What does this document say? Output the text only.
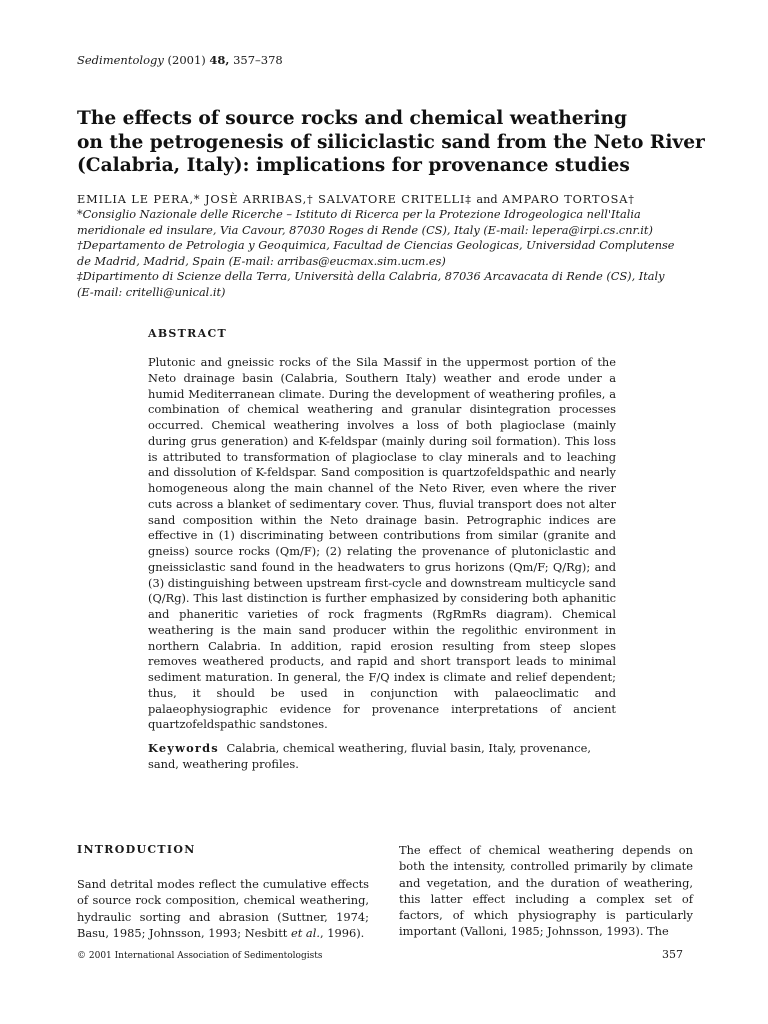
Sedimentology (2001) 48, 357–378
The effects of source rocks and chemical weathering
on the petrogenesis of siliciclastic sand from the Neto River
(Calabria, Italy): implications for provenance studies
EMILIA LE PERA,* JOSÈ ARRIBAS,† SALVATORE CRITELLI‡ and AMPARO TORTOSA†
*Consiglio Nazionale delle Ricerche – Istituto di Ricerca per la Protezione Idrogeologica nell'Italia
meridionale ed insulare, Via Cavour, 87030 Roges di Rende (CS), Italy (E-mail: lepera@irpi.cs.cnr.it)
†Departamento de Petrologia y Geoquimica, Facultad de Ciencias Geologicas, Universidad Complutense
de Madrid, Madrid, Spain (E-mail: arribas@eucmax.sim.ucm.es)
‡Dipartimento di Scienze della Terra, Università della Calabria, 87036 Arcavacata di Rende (CS), Italy
(E-mail: critelli@unical.it)
ABSTRACT

Plutonic and gneissic rocks of the Sila Massif in the uppermost portion of the Neto drainage basin (Calabria, Southern Italy) weather and erode under a humid Mediterranean climate. During the development of weathering profiles, a combination of chemical weathering and granular disintegration processes occurred. Chemical weathering involves a loss of both plagioclase (mainly during grus generation) and K-feldspar (mainly during soil formation). This loss is attributed to transformation of plagioclase to clay minerals and to leaching and dissolution of K-feldspar. Sand composition is quartzofeldspathic and nearly homogeneous along the main channel of the Neto River, even where the river cuts across a blanket of sedimentary cover. Thus, fluvial transport does not alter sand composition within the Neto drainage basin. Petrographic indices are effective in (1) discriminating between contributions from similar (granite and gneiss) source rocks (Qm/F); (2) relating the provenance of plutoniclastic and gneissiclastic sand found in the headwaters to grus horizons (Qm/F; Q/Rg); and (3) distinguishing between upstream first-cycle and downstream multicycle sand (Q/Rg). This last distinction is further emphasized by considering both aphanitic and phaneritic varieties of rock fragments (RgRmRs diagram). Chemical weathering is the main sand producer within the regolithic environment in northern Calabria. In addition, rapid erosion resulting from steep slopes removes weathered products, and rapid and short transport leads to minimal sediment maturation. In general, the F/Q index is climate and relief dependent; thus, it should be used in conjunction with palaeoclimatic and palaeophysiographic evidence for provenance interpretations of ancient quartzofeldspathic sandstones.

Keywords Calabria, chemical weathering, fluvial basin, Italy, provenance, sand, weathering profiles.

INTRODUCTION

Sand detrital modes reflect the cumulative effects of source rock composition, chemical weathering, hydraulic sorting and abrasion (Suttner, 1974; Basu, 1985; Johnsson, 1993; Nesbitt et al., 1996).

The effect of chemical weathering depends on both the intensity, controlled primarily by climate and vegetation, and the duration of weathering, this latter effect including a complex set of factors, of which physiography is particularly important (Valloni, 1985; Johnsson, 1993). The

© 2001 International Association of Sedimentologists	357
